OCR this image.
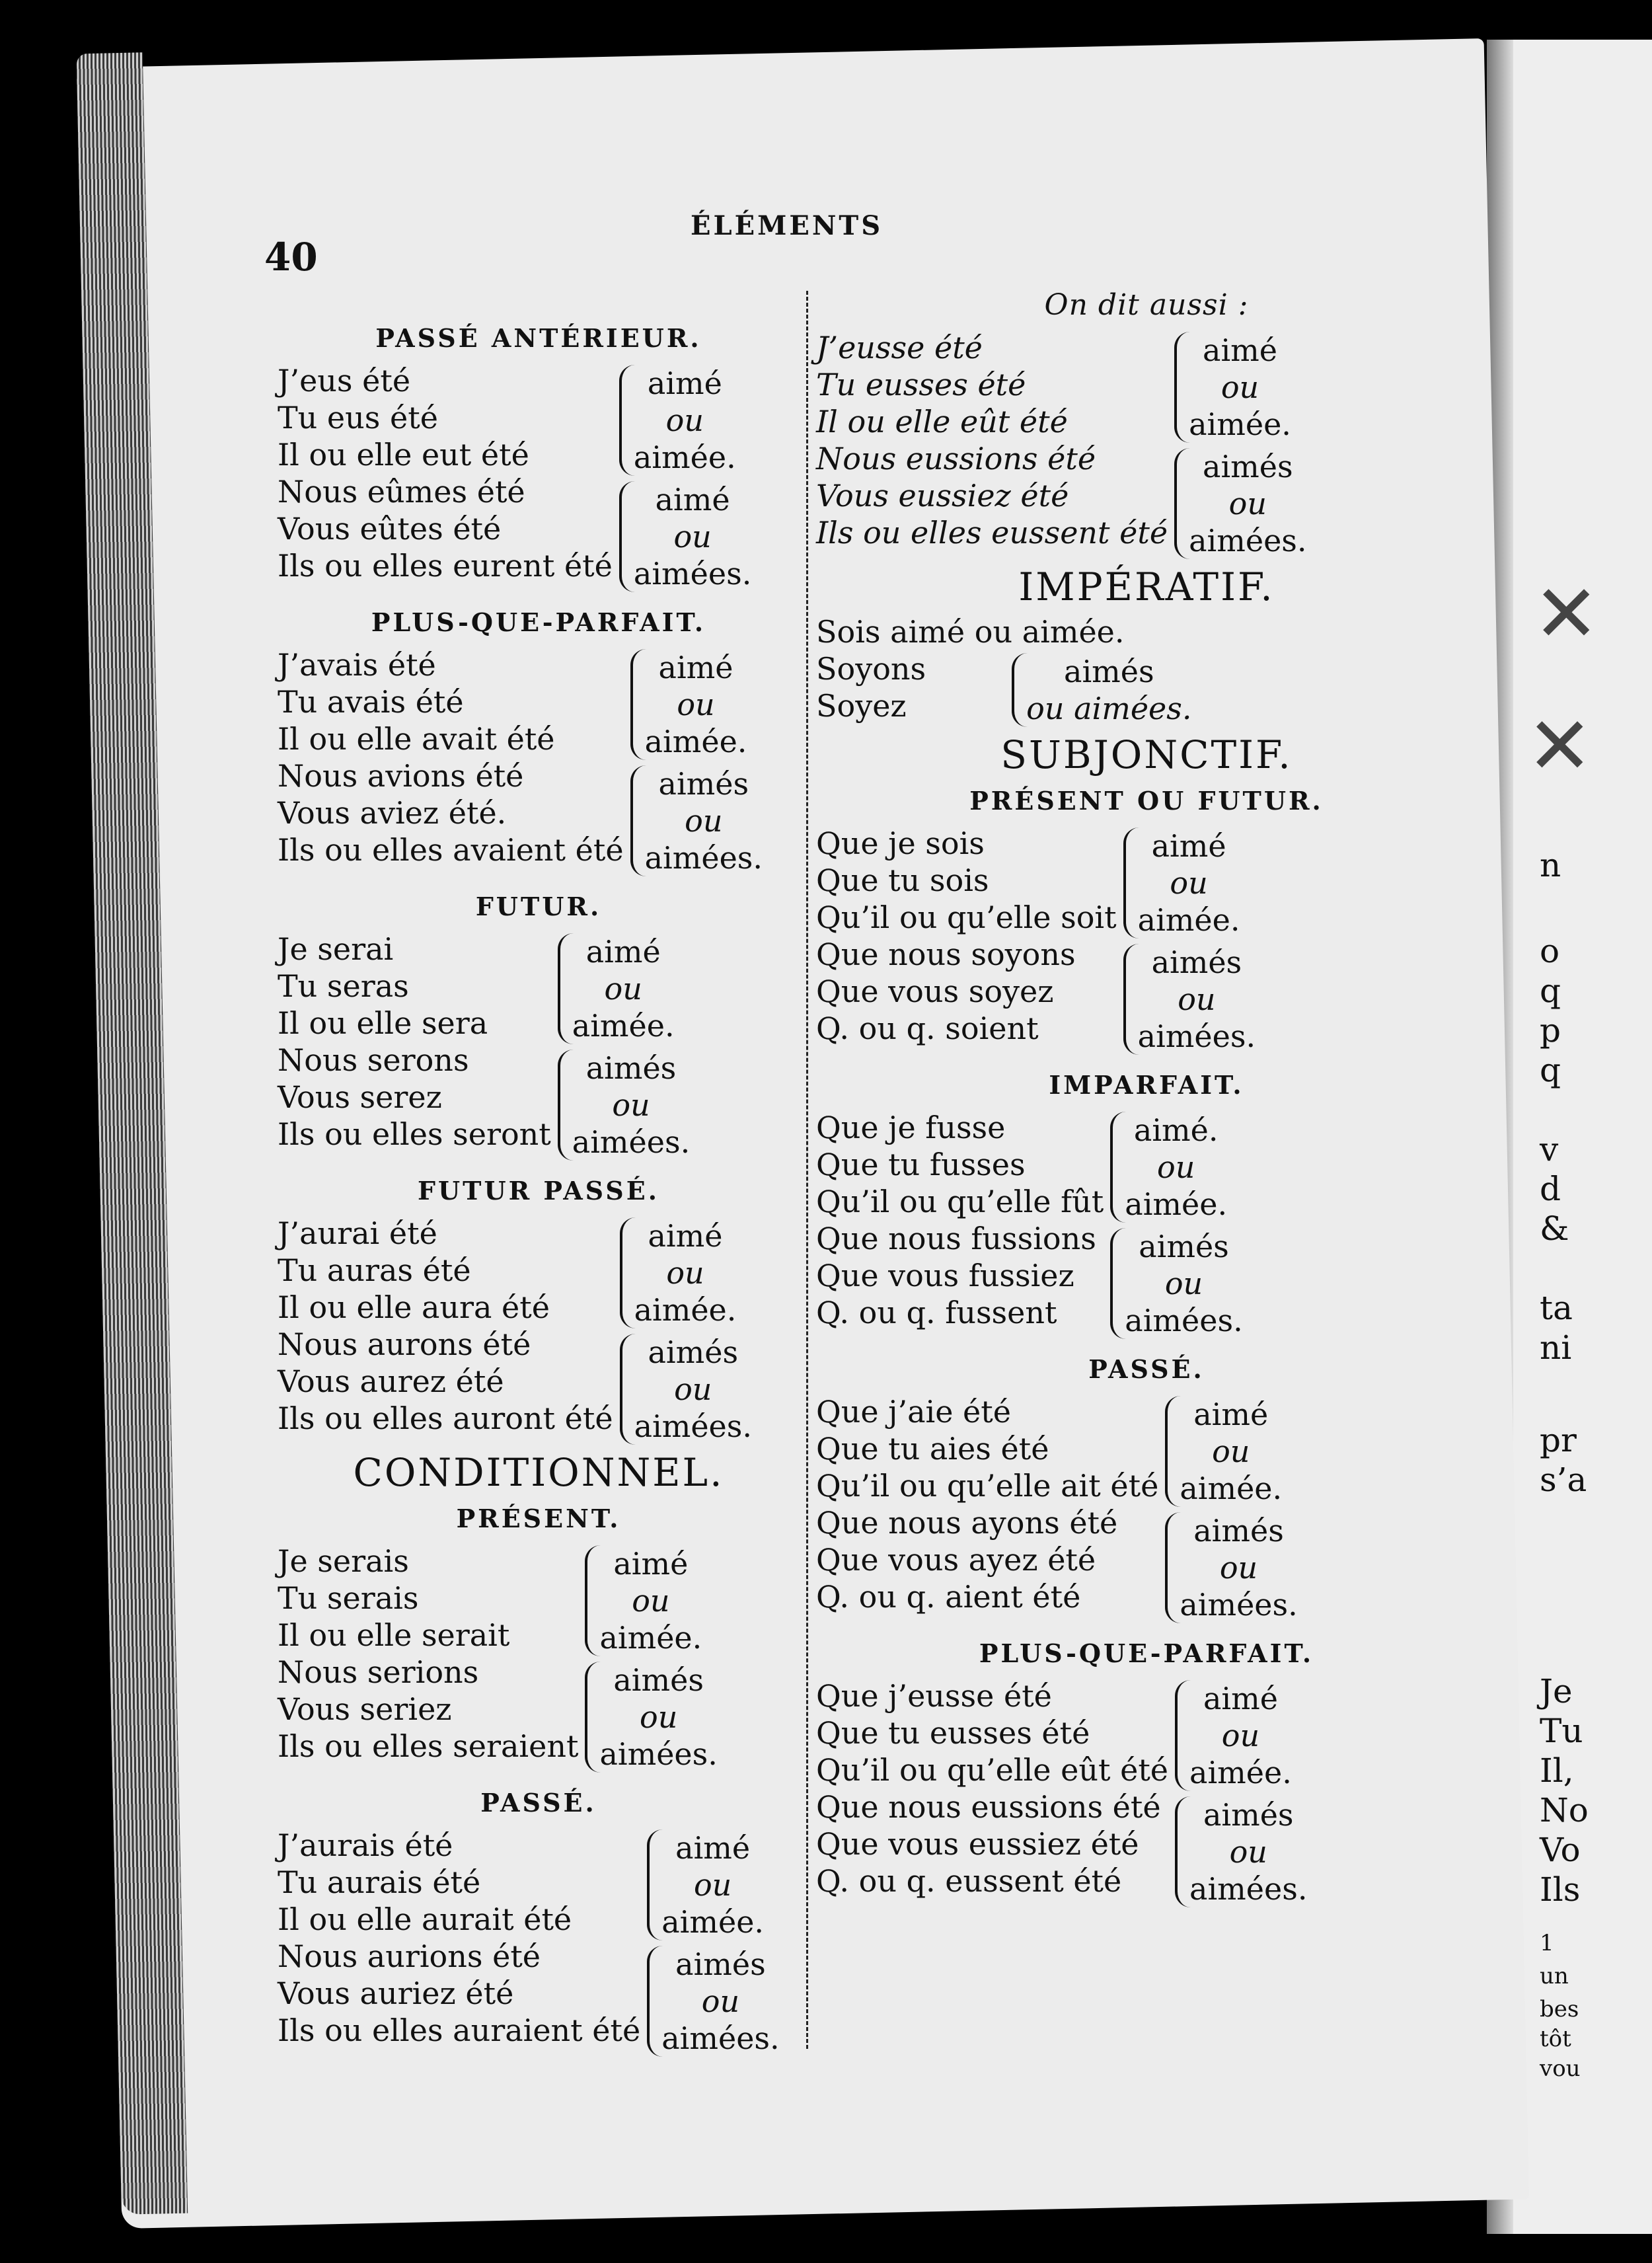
40
ÉLÉMENTS
PASSÉ ANTÉRIEUR.
J’eus été
Tu eus été
Il ou elle eut été
Nous eûmes été
Vous eûtes été
Ils ou elles eurent été
aimé
ou
aimée.
aimé
ou
aimées.
PLUS-QUE-PARFAIT.
J’avais été
Tu avais été
Il ou elle avait été
Nous avions été
Vous aviez été.
Ils ou elles avaient été
aimé
ou
aimée.
aimés
ou
aimées.
FUTUR.
Je serai
Tu seras
Il ou elle sera
Nous serons
Vous serez
Ils ou elles seront
aimé
ou
aimée.
aimés
ou
aimées.
FUTUR PASSÉ.
J’aurai été
Tu auras été
Il ou elle aura été
Nous aurons été
Vous aurez été
Ils ou elles auront été
aimé
ou
aimée.
aimés
ou
aimées.
CONDITIONNEL.
PRÉSENT.
Je serais
Tu serais
Il ou elle serait
Nous serions
Vous seriez
Ils ou elles seraient
aimé
ou
aimée.
aimés
ou
aimées.
PASSÉ.
J’aurais été
Tu aurais été
Il ou elle aurait été
Nous aurions été
Vous auriez été
Ils ou elles auraient été
aimé
ou
aimée.
aimés
ou
aimées.
On dit aussi :
J’eusse été
Tu eusses été
Il ou elle eût été
Nous eussions été
Vous eussiez été
Ils ou elles eussent été
aimé
ou
aimée.
aimés
ou
aimées.
IMPÉRATIF.
Sois aimé ou aimée.
Soyons
Soyez
aimés
ou aimées.
SUBJONCTIF.
PRÉSENT OU FUTUR.
Que je sois
Que tu sois
Qu’il ou qu’elle soit
Que nous soyons
Que vous soyez
Q. ou q. soient
aimé
ou
aimée.
aimés
ou
aimées.
IMPARFAIT.
Que je fusse
Que tu fusses
Qu’il ou qu’elle fût
Que nous fussions
Que vous fussiez
Q. ou q. fussent
aimé.
ou
aimée.
aimés
ou
aimées.
PASSÉ.
Que j’aie été
Que tu aies été
Qu’il ou qu’elle ait été
Que nous ayons été
Que vous ayez été
Q. ou q. aient été
aimé
ou
aimée.
aimés
ou
aimées.
PLUS-QUE-PARFAIT.
Que j’eusse été
Que tu eusses été
Qu’il ou qu’elle eût été
Que nous eussions été
Que vous eussiez été
Q. ou q. eussent été
aimé
ou
aimée.
aimés
ou
aimées.
✕
✕
n
o
q
p
q
v
d
&
ta
ni
pr
s’a
Je
Tu
Il,
No
Vo
Ils
1
un
bes
tôt
vou
